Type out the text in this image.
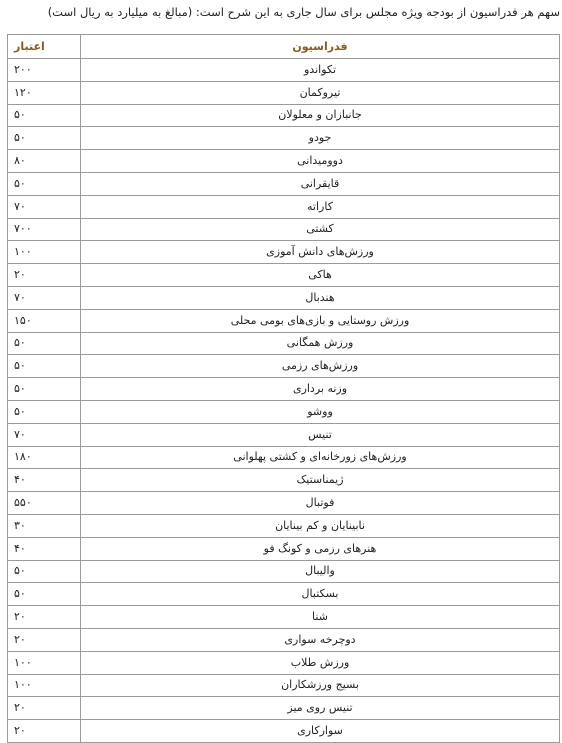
سهم هر فدراسیون از بودجه ویژه مجلس برای سال جاری به این شرح است: (مبالغ به میلیارد به ریال است)
اعتبار	فدراسیون
۲۰۰	تکواندو
۱۲۰	تیروکمان
۵۰	جانبازان و معلولان
۵۰	جودو
۸۰	دوومیدانی
۵۰	قایقرانی
۷۰	کاراته
۷۰۰	کشتی
۱۰۰	ورزش‌های دانش آموزی
۲۰	هاکی
۷۰	هندبال
۱۵۰	ورزش روستایی و بازی‌های بومی محلی
۵۰	ورزش همگانی
۵۰	ورزش‌های رزمی
۵۰	وزنه برداری
۵۰	ووشو
۷۰	تنیس
۱۸۰	ورزش‌های زورخانه‌ای و کشتی پهلوانی
۴۰	ژیمناستیک
۵۵۰	فوتبال
۳۰	نابینایان و کم بینایان
۴۰	هنرهای رزمی و کونگ فو
۵۰	والیبال
۵۰	بسکتبال
۲۰	شنا
۲۰	دوچرخه سواری
۱۰۰	ورزش طلاب
۱۰۰	بسیج ورزشکاران
۲۰	تنیس روی میز
۲۰	سوارکاری
